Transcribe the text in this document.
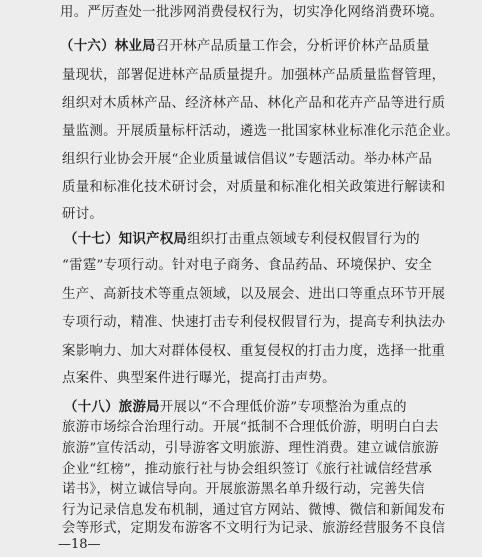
用。严厉查处一批涉网消费侵权行为，切实净化网络消费环境。
（十六）林业局召开林产品质量工作会，分析评价林产品质量
量现状，部署促进林产品质量提升。加强林产品质量监督管理，
组织对木质林产品、经济林产品、林化产品和花卉产品等进行质
量监测。开展质量标杆活动，遴选一批国家林业标准化示范企业。
组织行业协会开展“企业质量诚信倡议”专题活动。举办林产品
质量和标准化技术研讨会，对质量和标准化相关政策进行解读和
研讨。
（十七）知识产权局组织打击重点领域专利侵权假冒行为的
“雷霆”专项行动。针对电子商务、食品药品、环境保护、安全
生产、高新技术等重点领域，以及展会、进出口等重点环节开展
专项行动，精准、快速打击专利侵权假冒行为，提高专利执法办
案影响力、加大对群体侵权、重复侵权的打击力度，选择一批重
点案件、典型案件进行曝光，提高打击声势。
（十八）旅游局开展以“不合理低价游”专项整治为重点的
旅游市场综合治理行动。开展“抵制不合理低价游，明明白白去
旅游”宣传活动，引导游客文明旅游、理性消费。建立诚信旅游
企业“红榜”，推动旅行社与协会组织签订《旅行社诚信经营承
诺书》，树立诚信导向。开展旅游黑名单升级行动，完善失信
行为记录信息发布机制，通过官方网站、微博、微信和新闻发布
会等形式，定期发布游客不文明行为记录、旅游经营服务不良信
—18—
